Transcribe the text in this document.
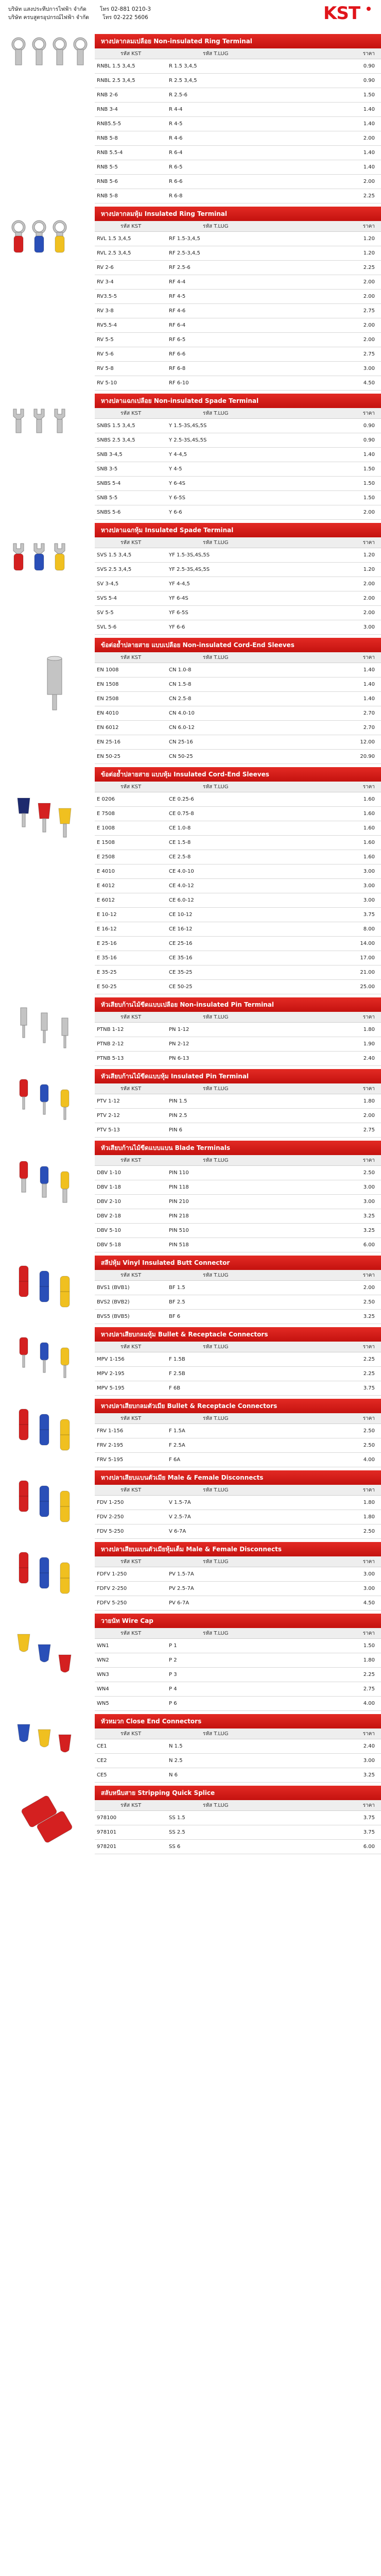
บริษัท แสงประทีปการไฟฟ้า จำกัด โทร 02-881 0210-3
บริษัท ครบสูตรอุปกรณ์ไฟฟ้า จำกัด โทร 02-222 5606	KST
หางปลากลมเปลือย Non-insulated Ring Terminal
รหัส KST	รหัส T.LUG	ราคา
RNBL 1.5 3,4,5	R 1.5 3,4,5	0.90
RNBL 2.5 3,4,5	R 2.5 3,4,5	0.90
RNB 2-6	R 2.5-6	1.50
RNB 3-4	R 4-4	1.40
RNB5.5-5	R 4-5	1.40
RNB 5-8	R 4-6	2.00
RNB 5.5-4	R 6-4	1.40
RNB 5-5	R 6-5	1.40
RNB 5-6	R 6-6	2.00
RNB 5-8	R 6-8	2.25
หางปลากลมหุ้ม Insulated Ring Terminal
รหัส KST	รหัส T.LUG	ราคา
RVL 1.5 3,4,5	RF 1.5-3,4,5	1.20
RVL 2.5 3,4,5	RF 2.5-3,4,5	1.20
RV 2-6	RF 2.5-6	2.25
RV 3-4	RF 4-4	2.00
RV3.5-5	RF 4-5	2.00
RV 3-8	RF 4-6	2.75
RV5.5-4	RF 6-4	2.00
RV 5-5	RF 6-5	2.00
RV 5-6	RF 6-6	2.75
RV 5-8	RF 6-8	3.00
RV 5-10	RF 6-10	4.50
หางปลาแฉกเปลือย Non-insulated Spade Terminal
รหัส KST	รหัส T.LUG	ราคา
SNBS 1.5 3,4,5	Y 1.5-3S,4S,5S	0.90
SNBS 2.5 3,4,5	Y 2.5-3S,4S,5S	0.90
SNB 3-4,5	Y 4-4,5	1.40
SNB 3-5	Y 4-5	1.50
SNBS 5-4	Y 6-4S	1.50
SNB 5-5	Y 6-5S	1.50
SNBS 5-6	Y 6-6	2.00
หางปลาแฉกหุ้ม Insulated Spade Terminal
รหัส KST	รหัส T.LUG	ราคา
SVS 1.5 3,4,5	YF 1.5-3S,4S,5S	1.20
SVS 2.5 3,4,5	YF 2.5-3S,4S,5S	1.20
SV 3-4,5	YF 4-4,5	2.00
SVS 5-4	YF 6-4S	2.00
SV 5-5	YF 6-5S	2.00
SVL 5-6	YF 6-6	3.00
ข้อต่อย้ำปลายสาย แบบเปลือย Non-insulated Cord-End Sleeves
รหัส KST	รหัส T.LUG	ราคา
EN 1008	CN 1.0-8	1.40
EN 1508	CN 1.5-8	1.40
EN 2508	CN 2.5-8	1.40
EN 4010	CN 4.0-10	2.70
EN 6012	CN 6.0-12	2.70
EN 25-16	CN 25-16	12.00
EN 50-25	CN 50-25	20.90
ข้อต่อย้ำปลายสาย แบบหุ้ม Insulated Cord-End Sleeves
รหัส KST	รหัส T.LUG	ราคา
E 0206	CE 0.25-6	1.60
E 7508	CE 0.75-8	1.60
E 1008	CE 1.0-8	1.60
E 1508	CE 1.5-8	1.60
E 2508	CE 2.5-8	1.60
E 4010	CE 4.0-10	3.00
E 4012	CE 4.0-12	3.00
E 6012	CE 6.0-12	3.00
E 10-12	CE 10-12	3.75
E 16-12	CE 16-12	8.00
E 25-16	CE 25-16	14.00
E 35-16	CE 35-16	17.00
E 35-25	CE 35-25	21.00
E 50-25	CE 50-25	25.00
หัวเสียบก้านไม้ขีดแบบเปลือย Non-insulated Pin Terminal
รหัส KST	รหัส T.LUG	ราคา
PTNB 1-12	PN 1-12	1.80
PTNB 2-12	PN 2-12	1.90
PTNB 5-13	PN 6-13	2.40
หัวเสียบก้านไม้ขีดแบบหุ้ม Insulated Pin Terminal
รหัส KST	รหัส T.LUG	ราคา
PTV 1-12	PIN 1.5	1.80
PTV 2-12	PIN 2.5	2.00
PTV 5-13	PIN 6	2.75
หัวเสียบก้านไม้ขีดแบบแบน Blade Terminals
รหัส KST	รหัส T.LUG	ราคา
DBV 1-10	PIN 110	2.50
DBV 1-18	PIN 118	3.00
DBV 2-10	PIN 210	3.00
DBV 2-18	PIN 218	3.25
DBV 5-10	PIN 510	3.25
DBV 5-18	PIN 518	6.00
สลีปหุ้ม Vinyl Insulated Butt Connector
รหัส KST	รหัส T.LUG	ราคา
BVS1 (BVB1)	BF 1.5	2.00
BVS2 (BVB2)	BF 2.5	2.50
BVS5 (BVB5)	BF 6	3.25
หางปลาเสียบกลมหุ้ม Bullet & Receptacle Connectors
รหัส KST	รหัส T.LUG	ราคา
MPV 1-156	F 1.5B	2.25
MPV 2-195	F 2.5B	2.25
MPV 5-195	F 6B	3.75
หางปลาเสียบกลมตัวเมีย Bullet & Receptacle Connectors
รหัส KST	รหัส T.LUG	ราคา
FRV 1-156	F 1.5A	2.50
FRV 2-195	F 2.5A	2.50
FRV 5-195	F 6A	4.00
หางปลาเสียบแบนตัวเมีย Male & Female Disconnects
รหัส KST	รหัส T.LUG	ราคา
FDV 1-250	V 1.5-7A	1.80
FDV 2-250	V 2.5-7A	1.80
FDV 5-250	V 6-7A	2.50
หางปลาเสียบแบนตัวเมียหุ้มเต็ม Male & Female Disconnects
รหัส KST	รหัส T.LUG	ราคา
FDFV 1-250	PV 1.5-7A	3.00
FDFV 2-250	PV 2.5-7A	3.00
FDFV 5-250	PV 6-7A	4.50
วายนัท Wire Cap
รหัส KST	รหัส T.LUG	ราคา
WN1	P 1	1.50
WN2	P 2	1.80
WN3	P 3	2.25
WN4	P 4	2.75
WN5	P 6	4.00
หัวหมวก Close End Connectors
รหัส KST	รหัส T.LUG	ราคา
CE1	N 1.5	2.40
CE2	N 2.5	3.00
CE5	N 6	3.25
สลับหนีบสาย Stripping Quick Splice
รหัส KST	รหัส T.LUG	ราคา
978100	SS 1.5	3.75
978101	SS 2.5	3.75
978201	SS 6	6.00
